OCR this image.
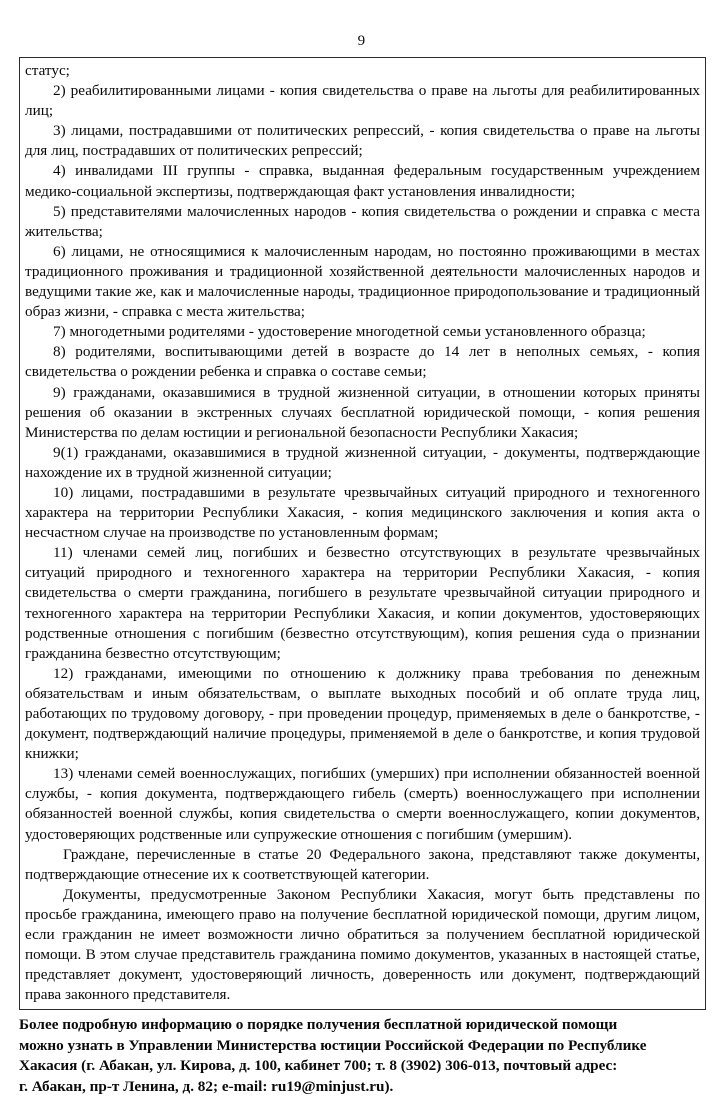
9

статус;

2) реабилитированными лицами - копия свидетельства о праве на льготы для реабилитированных лиц;

3) лицами, пострадавшими от политических репрессий, - копия свидетельства о праве на льготы для лиц, пострадавших от политических репрессий;

4) инвалидами III группы - справка, выданная федеральным государственным учреждением медико-социальной экспертизы, подтверждающая факт установления инвалидности;

5) представителями малочисленных народов - копия свидетельства о рождении и справка с места жительства;

6) лицами, не относящимися к малочисленным народам, но постоянно проживающими в местах традиционного проживания и традиционной хозяйственной деятельности малочисленных народов и ведущими такие же, как и малочисленные народы, традиционное природопользование и традиционный образ жизни, - справка с места жительства;

7) многодетными родителями - удостоверение многодетной семьи установленного образца;

8) родителями, воспитывающими детей в возрасте до 14 лет в неполных семьях, - копия свидетельства о рождении ребенка и справка о составе семьи;

9) гражданами, оказавшимися в трудной жизненной ситуации, в отношении которых приняты решения об оказании в экстренных случаях бесплатной юридической помощи, - копия решения Министерства по делам юстиции и региональной безопасности Республики Хакасия;

9(1) гражданами, оказавшимися в трудной жизненной ситуации, - документы, подтверждающие нахождение их в трудной жизненной ситуации;

10) лицами, пострадавшими в результате чрезвычайных ситуаций природного и техногенного характера на территории Республики Хакасия, - копия медицинского заключения и копия акта о несчастном случае на производстве по установленным формам;

11) членами семей лиц, погибших и безвестно отсутствующих в результате чрезвычайных ситуаций природного и техногенного характера на территории Республики Хакасия, - копия свидетельства о смерти гражданина, погибшего в результате чрезвычайной ситуации природного и техногенного характера на территории Республики Хакасия, и копии документов, удостоверяющих родственные отношения с погибшим (безвестно отсутствующим), копия решения суда о признании гражданина безвестно отсутствующим;

12) гражданами, имеющими по отношению к должнику права требования по денежным обязательствам и иным обязательствам, о выплате выходных пособий и об оплате труда лиц, работающих по трудовому договору, - при проведении процедур, применяемых в деле о банкротстве, - документ, подтверждающий наличие процедуры, применяемой в деле о банкротстве, и копия трудовой книжки;

13) членами семей военнослужащих, погибших (умерших) при исполнении обязанностей военной службы, - копия документа, подтверждающего гибель (смерть) военнослужащего при исполнении обязанностей военной службы, копия свидетельства о смерти военнослужащего, копии документов, удостоверяющих родственные или супружеские отношения с погибшим (умершим).

Граждане, перечисленные в статье 20 Федерального закона, представляют также документы, подтверждающие отнесение их к соответствующей категории.

Документы, предусмотренные Законом Республики Хакасия, могут быть представлены по просьбе гражданина, имеющего право на получение бесплатной юридической помощи, другим лицом, если гражданин не имеет возможности лично обратиться за получением бесплатной юридической помощи. В этом случае представитель гражданина помимо документов, указанных в настоящей статье, представляет документ, удостоверяющий личность, доверенность или документ, подтверждающий права законного представителя.

Более подробную информацию о порядке получения бесплатной юридической помощи
можно узнать в Управлении Министерства юстиции Российской Федерации по Республике
Хакасия (г. Абакан, ул. Кирова, д. 100, кабинет 700; т. 8 (3902) 306-013, почтовый адрес:
г. Абакан, пр-т Ленина, д. 82; e-mail: ru19@minjust.ru).
